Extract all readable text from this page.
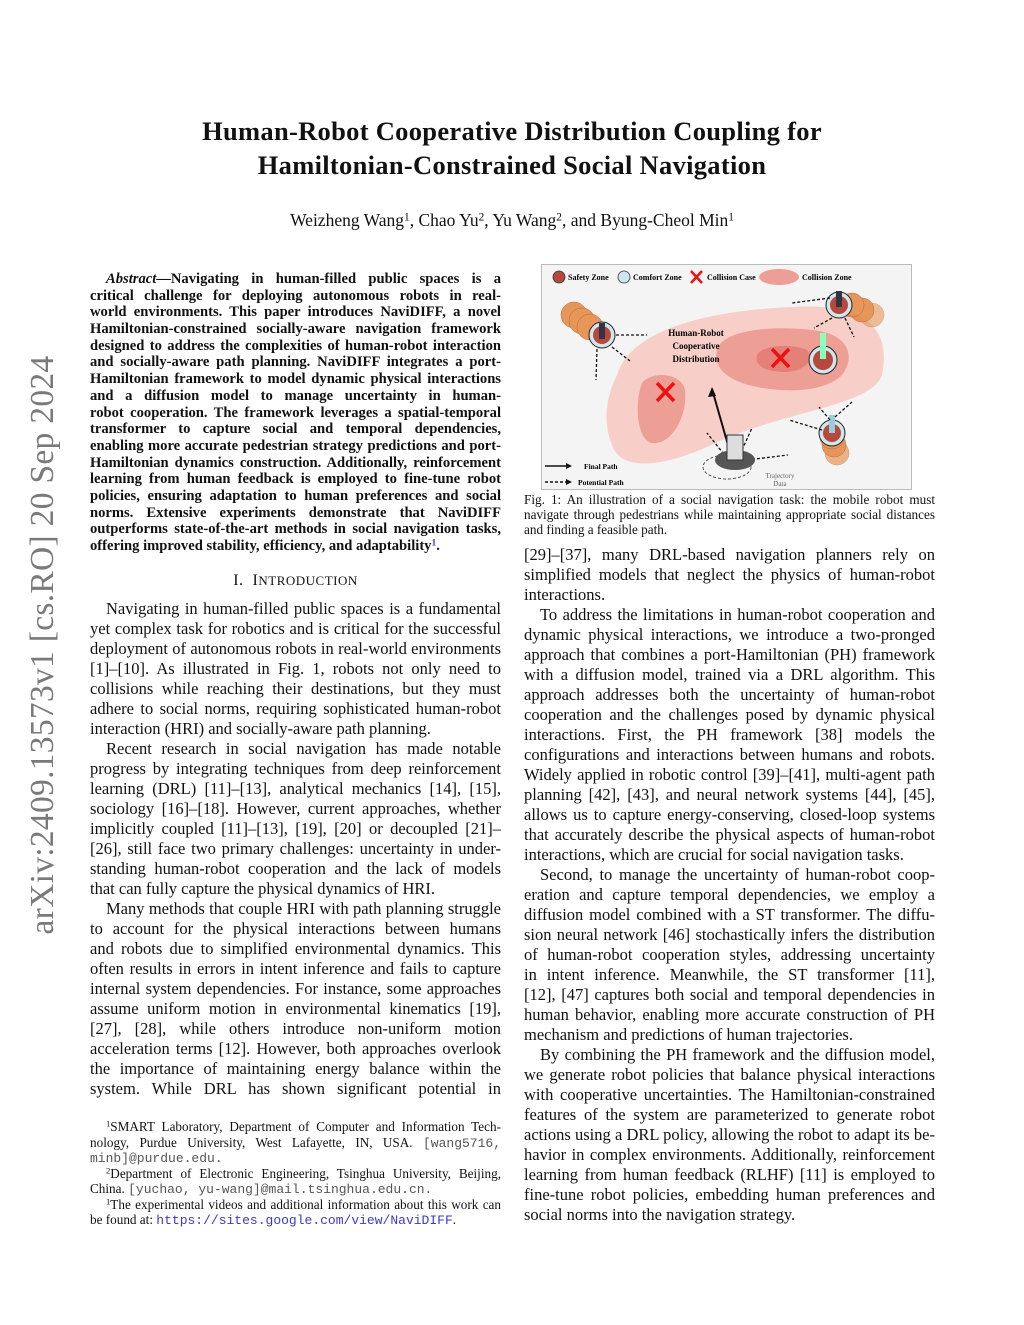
arXiv:2409.13573v1 [cs.RO] 20 Sep 2024
Human-Robot Cooperative Distribution Coupling for
Hamiltonian-Constrained Social Navigation
Weizheng Wang$^1$, Chao Yu$^2$, Yu Wang$^2$, and Byung-Cheol Min$^1$
Abstract—Navigating in human-filled public spaces is a
critical challenge for deploying autonomous robots in real-
world environments. This paper introduces NaviDIFF, a novel
Hamiltonian-constrained socially-aware navigation framework
designed to address the complexities of human-robot interaction
and socially-aware path planning. NaviDIFF integrates a port-
Hamiltonian framework to model dynamic physical interactions
and a diffusion model to manage uncertainty in human-
robot cooperation. The framework leverages a spatial-temporal
transformer to capture social and temporal dependencies,
enabling more accurate pedestrian strategy predictions and port-
Hamiltonian dynamics construction. Additionally, reinforcement
learning from human feedback is employed to fine-tune robot
policies, ensuring adaptation to human preferences and social
norms. Extensive experiments demonstrate that NaviDIFF
outperforms state-of-the-art methods in social navigation tasks,
offering improved stability, efficiency, and adaptability$^1$.
I. INTRODUCTION
Navigating in human-filled public spaces is a fundamental
yet complex task for robotics and is critical for the successful
deployment of autonomous robots in real-world environments
[1]–[10]. As illustrated in Fig. 1, robots not only need to
collisions while reaching their destinations, but they must
adhere to social norms, requiring sophisticated human-robot
interaction (HRI) and socially-aware path planning.
Recent research in social navigation has made notable
progress by integrating techniques from deep reinforcement
learning (DRL) [11]–[13], analytical mechanics [14], [15],
sociology [16]–[18]. However, current approaches, whether
implicitly coupled [11]–[13], [19], [20] or decoupled [21]–
[26], still face two primary challenges: uncertainty in under-
standing human-robot cooperation and the lack of models
that can fully capture the physical dynamics of HRI.
Many methods that couple HRI with path planning struggle
to account for the physical interactions between humans
and robots due to simplified environmental dynamics. This
often results in errors in intent inference and fails to capture
internal system dependencies. For instance, some approaches
assume uniform motion in environmental kinematics [19],
[27], [28], while others introduce non-uniform motion
acceleration terms [12]. However, both approaches overlook
the importance of maintaining energy balance within the
system. While DRL has shown significant potential in
Safety Zone	Comfort Zone	Collision Case	Collision Zone
Human-Robot
Cooperative
Distribution
Trajectory
Data
Final Path
Potential Path
Fig. 1: An illustration of a social navigation task: the mobile robot must
navigate through pedestrians while maintaining appropriate social distances
and finding a feasible path.
[29]–[37], many DRL-based navigation planners rely on
simplified models that neglect the physics of human-robot
interactions.
To address the limitations in human-robot cooperation and
dynamic physical interactions, we introduce a two-pronged
approach that combines a port-Hamiltonian (PH) framework
with a diffusion model, trained via a DRL algorithm. This
approach addresses both the uncertainty of human-robot
cooperation and the challenges posed by dynamic physical
interactions. First, the PH framework [38] models the
configurations and interactions between humans and robots.
Widely applied in robotic control [39]–[41], multi-agent path
planning [42], [43], and neural network systems [44], [45],
allows us to capture energy-conserving, closed-loop systems
that accurately describe the physical aspects of human-robot
interactions, which are crucial for social navigation tasks.
Second, to manage the uncertainty of human-robot coop-
eration and capture temporal dependencies, we employ a
diffusion model combined with a ST transformer. The diffu-
sion neural network [46] stochastically infers the distribution
of human-robot cooperation styles, addressing uncertainty
in intent inference. Meanwhile, the ST transformer [11],
[12], [47] captures both social and temporal dependencies in
human behavior, enabling more accurate construction of PH
mechanism and predictions of human trajectories.
By combining the PH framework and the diffusion model,
we generate robot policies that balance physical interactions
with cooperative uncertainties. The Hamiltonian-constrained
features of the system are parameterized to generate robot
actions using a DRL policy, allowing the robot to adapt its be-
havior in complex environments. Additionally, reinforcement
learning from human feedback (RLHF) [11] is employed to
fine-tune robot policies, embedding human preferences and
social norms into the navigation strategy.
$^1$SMART Laboratory, Department of Computer and Information Tech-
nology, Purdue University, West Lafayette, IN, USA. [wang5716,
minb]@purdue.edu.
$^2$Department of Electronic Engineering, Tsinghua University, Beijing,
China. [yuchao, yu-wang]@mail.tsinghua.edu.cn.
$^1$The experimental videos and additional information about this work can
be found at: https://sites.google.com/view/NaviDIFF.
